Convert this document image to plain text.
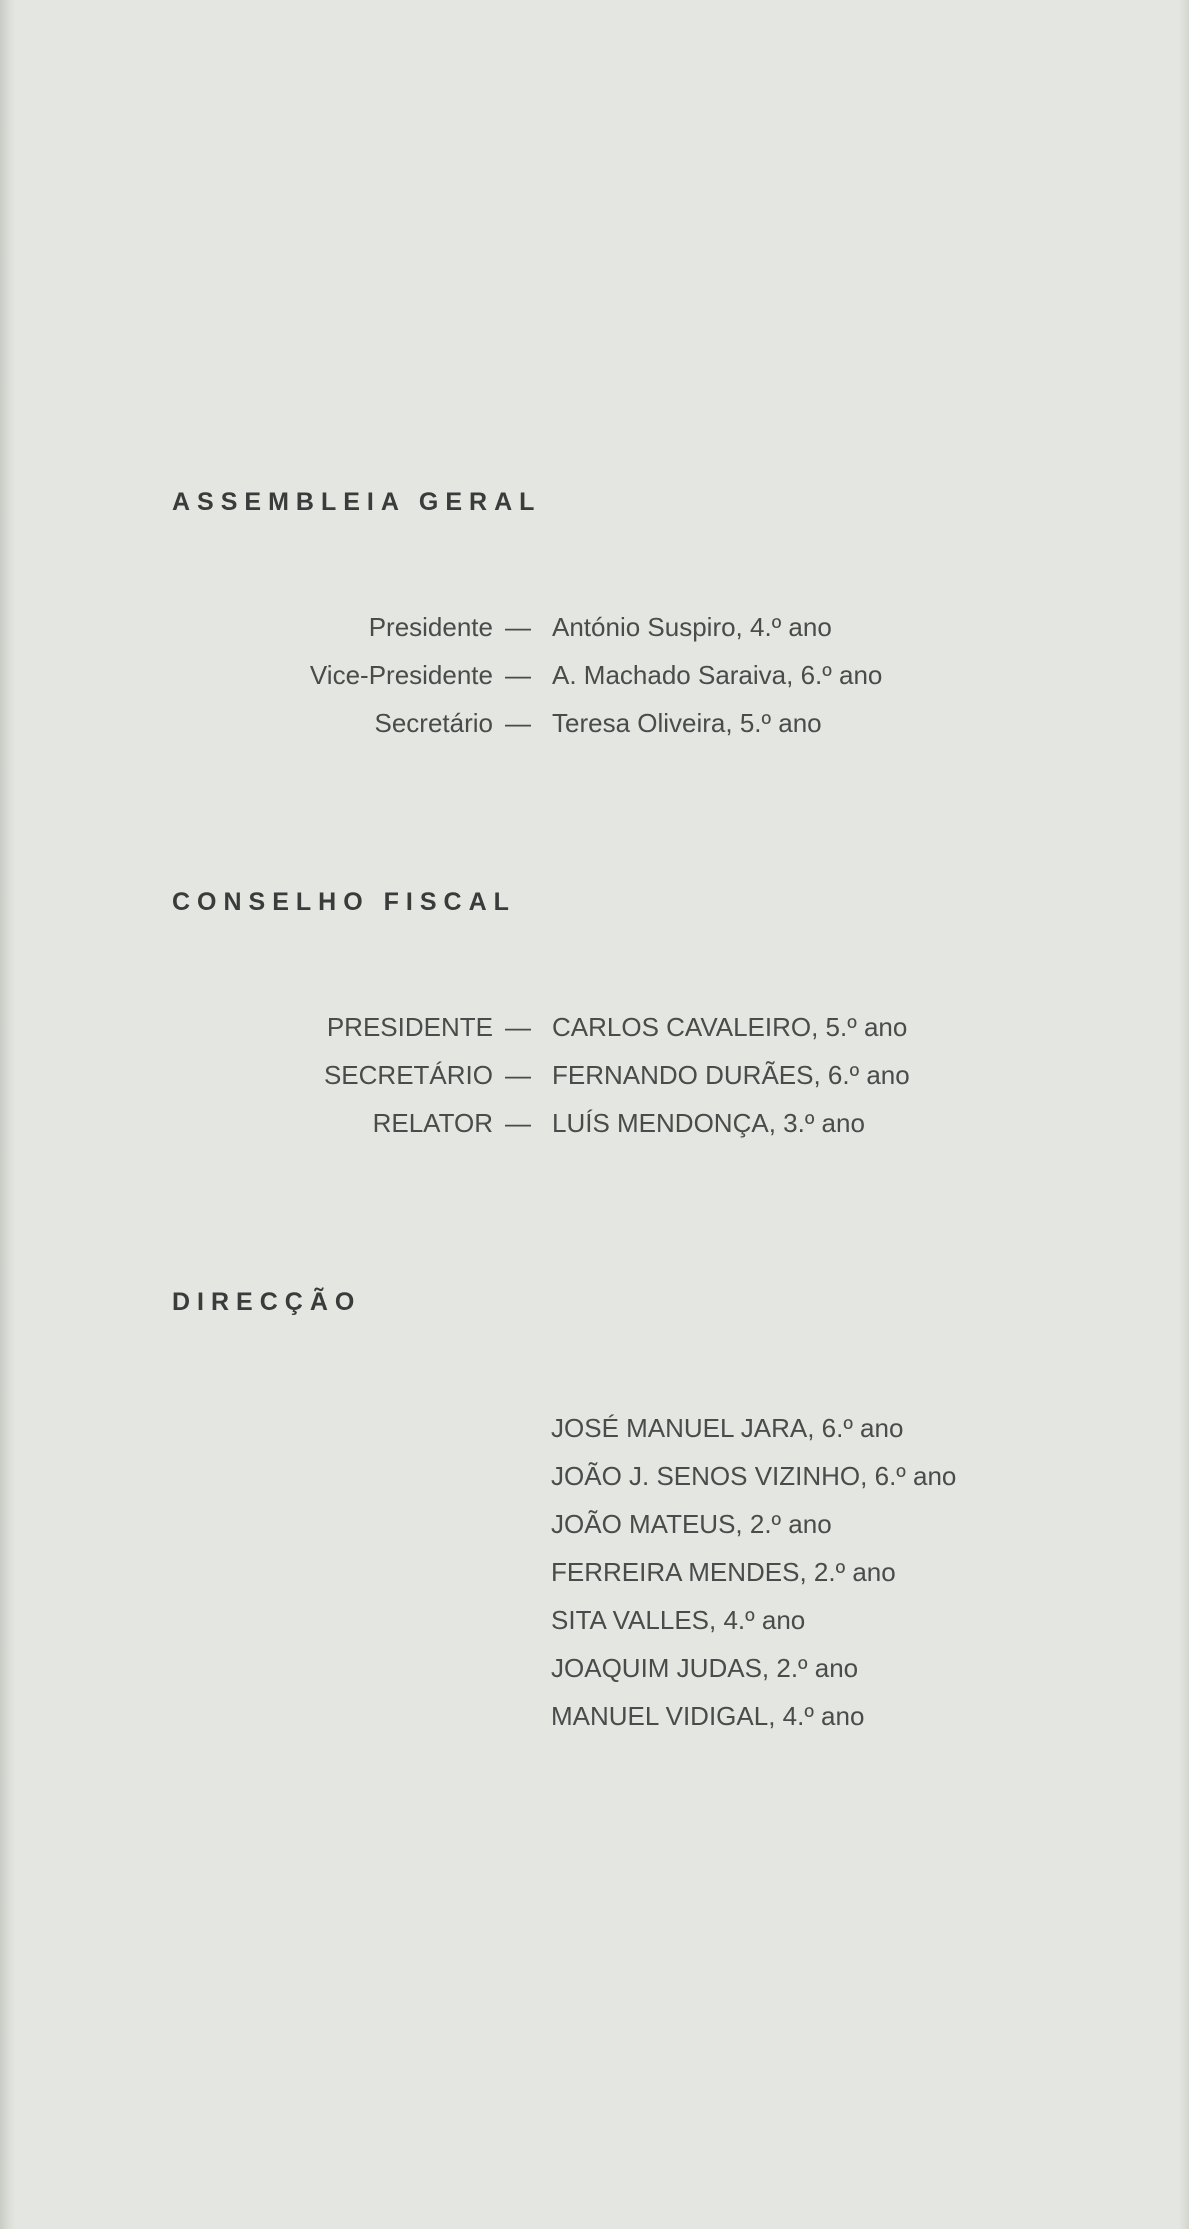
ASSEMBLEIA GERAL
Presidente — António Suspiro, 4.º ano
Vice-Presidente — A. Machado Saraiva, 6.º ano
Secretário — Teresa Oliveira, 5.º ano
CONSELHO FISCAL
PRESIDENTE — CARLOS CAVALEIRO, 5.º ano
SECRETÁRIO — FERNANDO DURÃES, 6.º ano
RELATOR — LUÍS MENDONÇA, 3.º ano
DIRECÇÃO
JOSÉ MANUEL JARA, 6.º ano
JOÃO J. SENOS VIZINHO, 6.º ano
JOÃO MATEUS, 2.º ano
FERREIRA MENDES, 2.º ano
SITA VALLES, 4.º ano
JOAQUIM JUDAS, 2.º ano
MANUEL VIDIGAL, 4.º ano
